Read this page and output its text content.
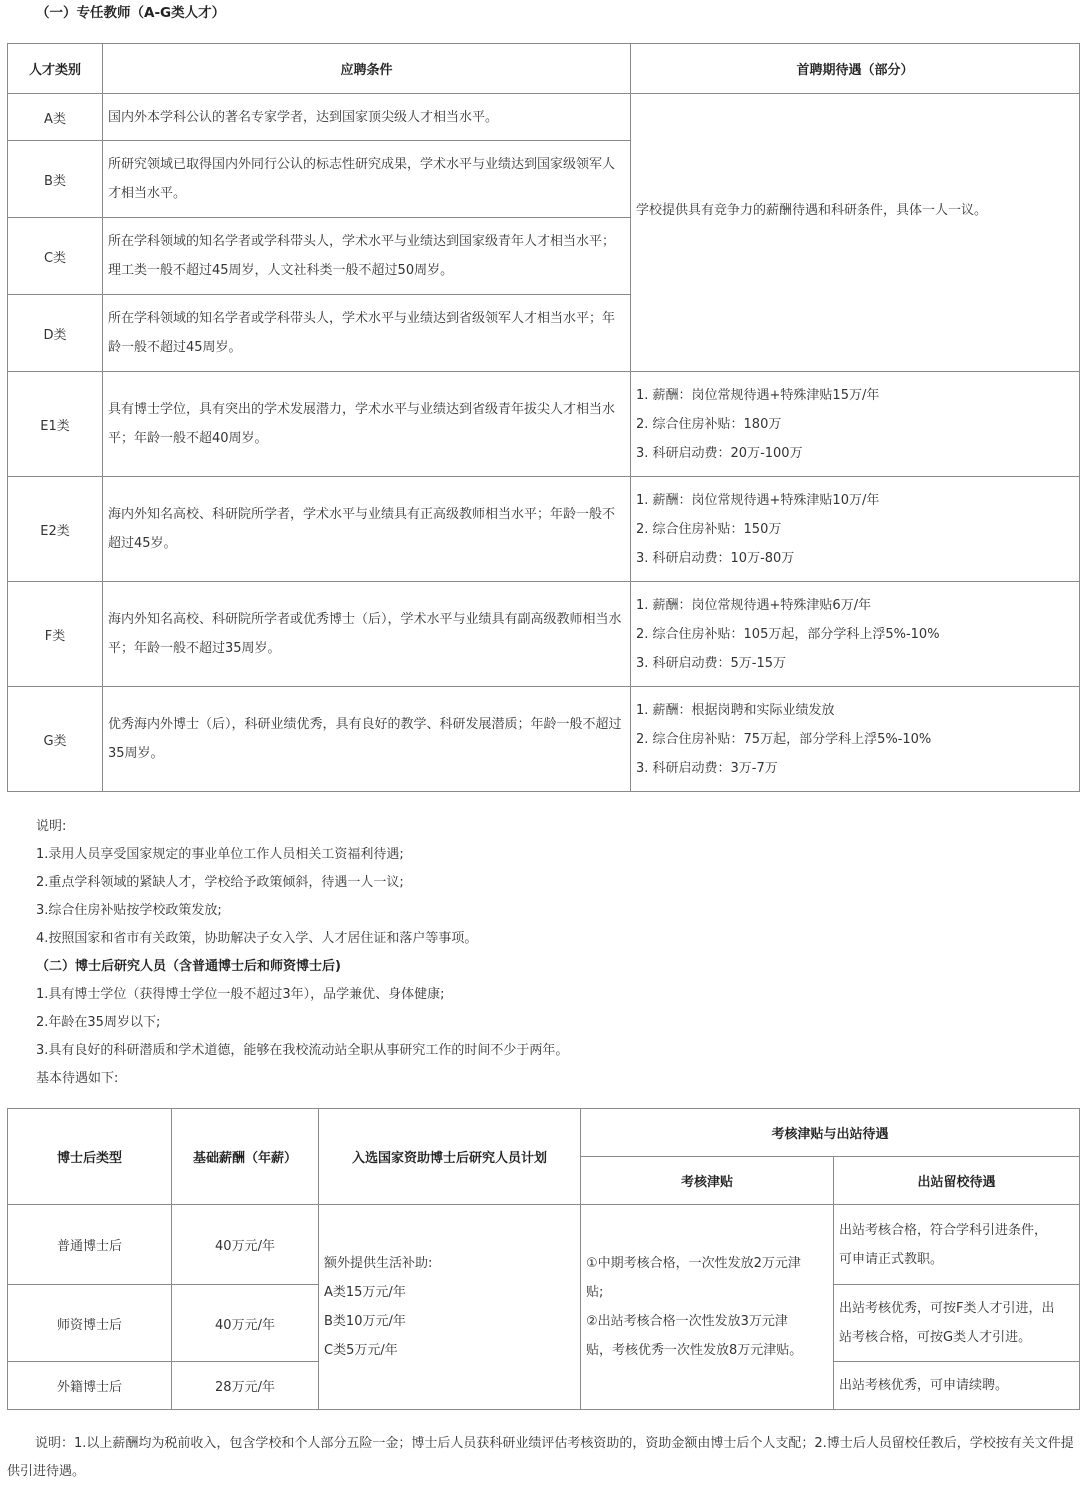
（一）专任教师（A-G类人才）
人才类别	应聘条件	首聘期待遇（部分）
A类	国内外本学科公认的著名专家学者，达到国家顶尖级人才相当水平。	学校提供具有竞争力的薪酬待遇和科研条件，具体一人一议。
B类	所研究领域已取得国内外同行公认的标志性研究成果，学术水平与业绩达到国家级领军人才相当水平。	
C类	所在学科领域的知名学者或学科带头人，学术水平与业绩达到国家级青年人才相当水平；理工类一般不超过45周岁，人文社科类一般不超过50周岁。	
D类	所在学科领域的知名学者或学科带头人，学术水平与业绩达到省级领军人才相当水平；年龄一般不超过45周岁。	
E1类	具有博士学位，具有突出的学术发展潜力，学术水平与业绩达到省级青年拔尖人才相当水平；年龄一般不超40周岁。	1. 薪酬：岗位常规待遇+特殊津贴15万/年
2. 综合住房补贴：180万
3. 科研启动费：20万-100万

E2类	海内外知名高校、科研院所学者，学术水平与业绩具有正高级教师相当水平；年龄一般不超过45岁。	1. 薪酬：岗位常规待遇+特殊津贴10万/年
2. 综合住房补贴：150万
3. 科研启动费：10万-80万

F类	海内外知名高校、科研院所学者或优秀博士（后），学术水平与业绩具有副高级教师相当水平；年龄一般不超过35周岁。	1. 薪酬：岗位常规待遇+特殊津贴6万/年
2. 综合住房补贴：105万起，部分学科上浮5%-10%
3. 科研启动费：5万-15万

G类	优秀海内外博士（后），科研业绩优秀，具有良好的教学、科研发展潜质；年龄一般不超过35周岁。	1. 薪酬：根据岗聘和实际业绩发放
2. 综合住房补贴：75万起，部分学科上浮5%-10%
3. 科研启动费：3万-7万
说明:
1.录用人员享受国家规定的事业单位工作人员相关工资福利待遇;
2.重点学科领域的紧缺人才，学校给予政策倾斜，待遇一人一议;
3.综合住房补贴按学校政策发放;
4.按照国家和省市有关政策，协助解决子女入学、人才居住证和落户等事项。
（二）博士后研究人员（含普通博士后和师资博士后)
1.具有博士学位（获得博士学位一般不超过3年），品学兼优、身体健康;
2.年龄在35周岁以下;
3.具有良好的科研潜质和学术道德，能够在我校流动站全职从事研究工作的时间不少于两年。
基本待遇如下:
博士后类型	基础薪酬（年薪）	入选国家资助博士后研究人员计划	考核津贴与出站待遇	
			考核津贴	出站留校待遇
普通博士后	40万元/年	额外提供生活补助:
A类15万元/年
B类10万元/年
C类5万元/年	①中期考核合格，一次性发放2万元津
贴;
②出站考核合格一次性发放3万元津
贴，考核优秀一次性发放8万元津贴。	出站考核合格，符合学科引进条件，
可申请正式教职。

师资博士后	40万元/年			出站考核优秀，可按F类人才引进，出
站考核合格，可按G类人才引进。

外籍博士后	28万元/年			出站考核优秀，可申请续聘。
说明：1.以上薪酬均为税前收入，包含学校和个人部分五险一金；博士后人员获科研业绩评估考核资助的，资助金额由博士后个人支配；2.博士后人员留校任教后，学校按有关文件提供引进待遇。
